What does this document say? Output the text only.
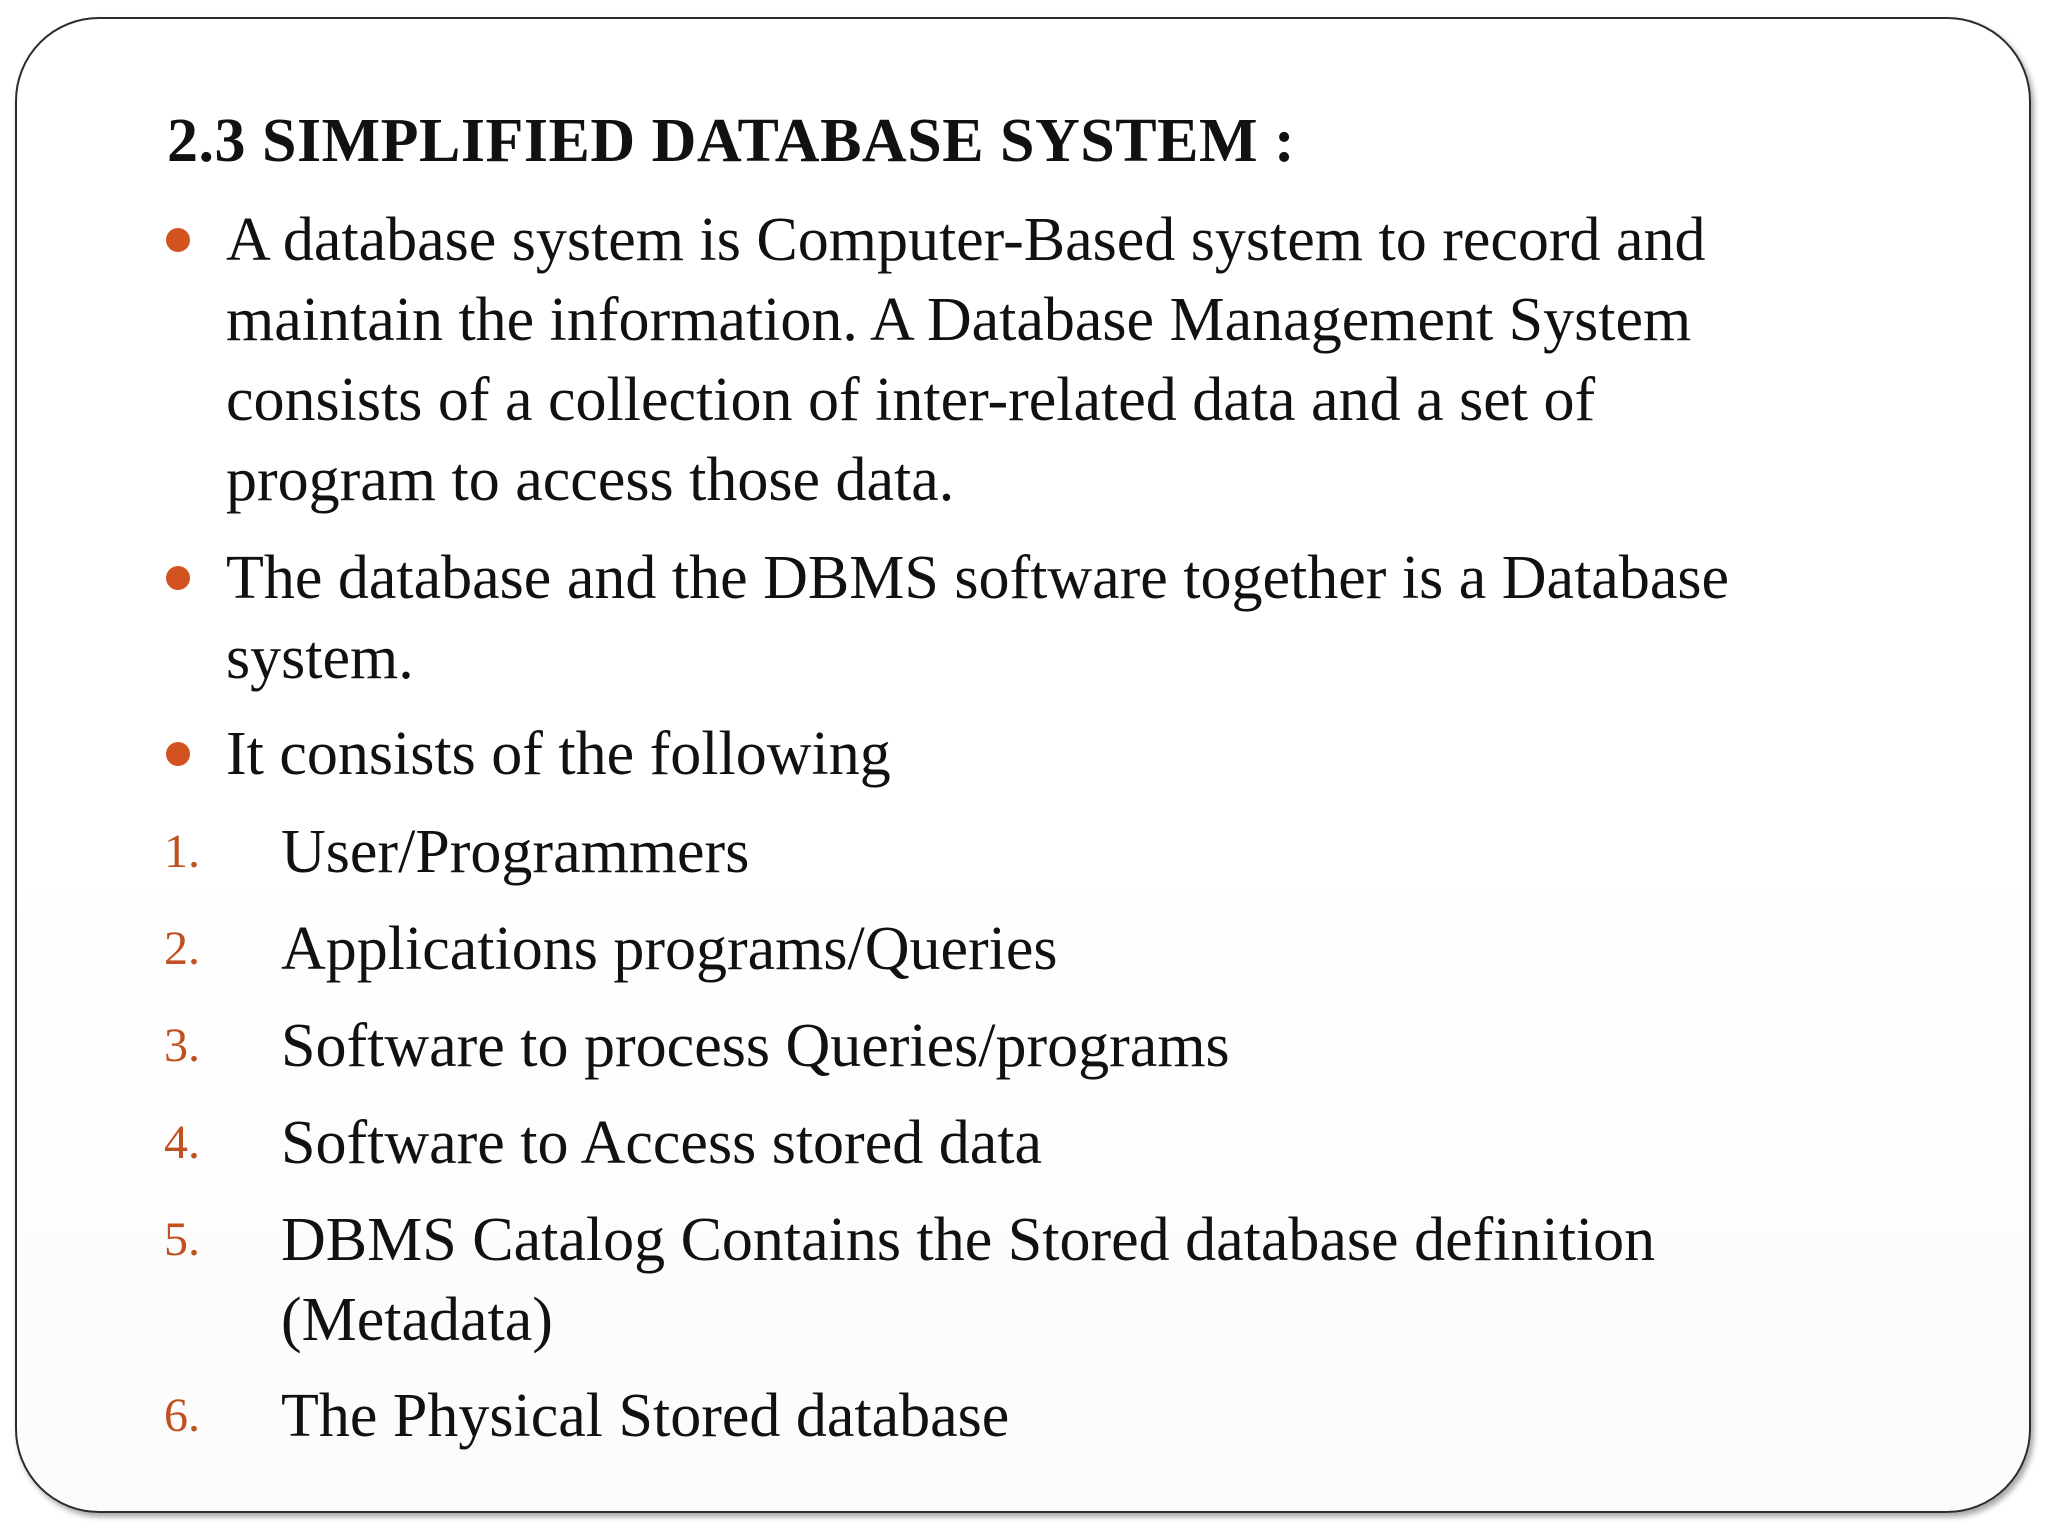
2.3 SIMPLIFIED DATABASE SYSTEM :
A database system is Computer-Based system to record and
maintain the information. A Database Management System
consists of a collection of inter-related data and a set of
program to access those data.
The database and the DBMS software together is a Database
system.
It consists of the following
1. User/Programmers
2. Applications programs/Queries
3. Software to process Queries/programs
4. Software to Access stored data
5. DBMS Catalog Contains the Stored database definition
(Metadata)
6. The Physical Stored database
